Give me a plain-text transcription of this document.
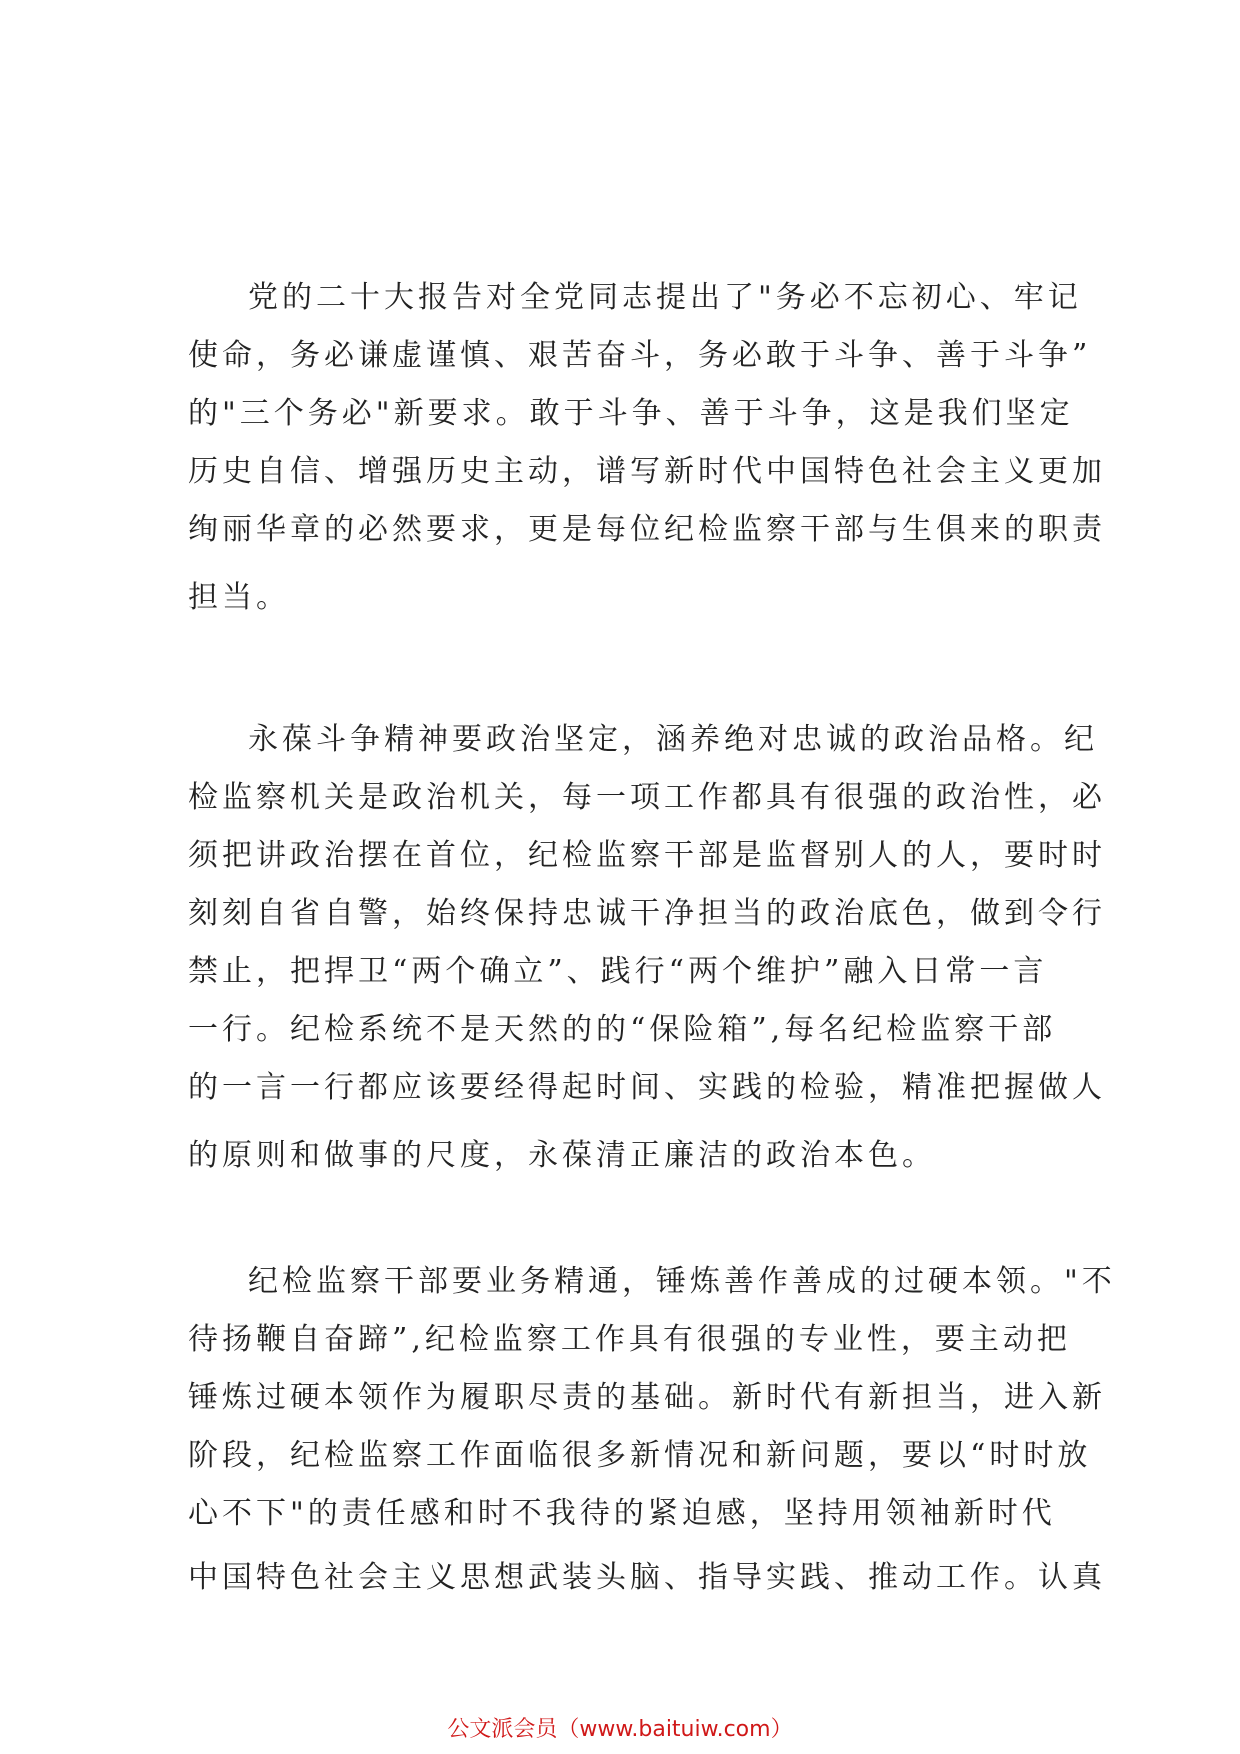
党的二十大报告对全党同志提出了"务必不忘初心、牢记
使命，务必谦虚谨慎、艰苦奋斗，务必敢于斗争、善于斗争”
的"三个务必"新要求。敢于斗争、善于斗争，这是我们坚定
历史自信、增强历史主动，谱写新时代中国特色社会主义更加
绚丽华章的必然要求，更是每位纪检监察干部与生俱来的职责
担当。
永葆斗争精神要政治坚定，涵养绝对忠诚的政治品格。纪
检监察机关是政治机关，每一项工作都具有很强的政治性，必
须把讲政治摆在首位，纪检监察干部是监督别人的人，要时时
刻刻自省自警，始终保持忠诚干净担当的政治底色，做到令行
禁止，把捍卫“两个确立”、践行“两个维护”融入日常一言
一行。纪检系统不是天然的的“保险箱”,每名纪检监察干部
的一言一行都应该要经得起时间、实践的检验，精准把握做人
的原则和做事的尺度，永葆清正廉洁的政治本色。
纪检监察干部要业务精通，锤炼善作善成的过硬本领。"不
待扬鞭自奋蹄”,纪检监察工作具有很强的专业性，要主动把
锤炼过硬本领作为履职尽责的基础。新时代有新担当，进入新
阶段，纪检监察工作面临很多新情况和新问题，要以“时时放
心不下"的责任感和时不我待的紧迫感，坚持用领袖新时代
中国特色社会主义思想武装头脑、指导实践、推动工作。认真
公文派会员（www.baituiw.com）
